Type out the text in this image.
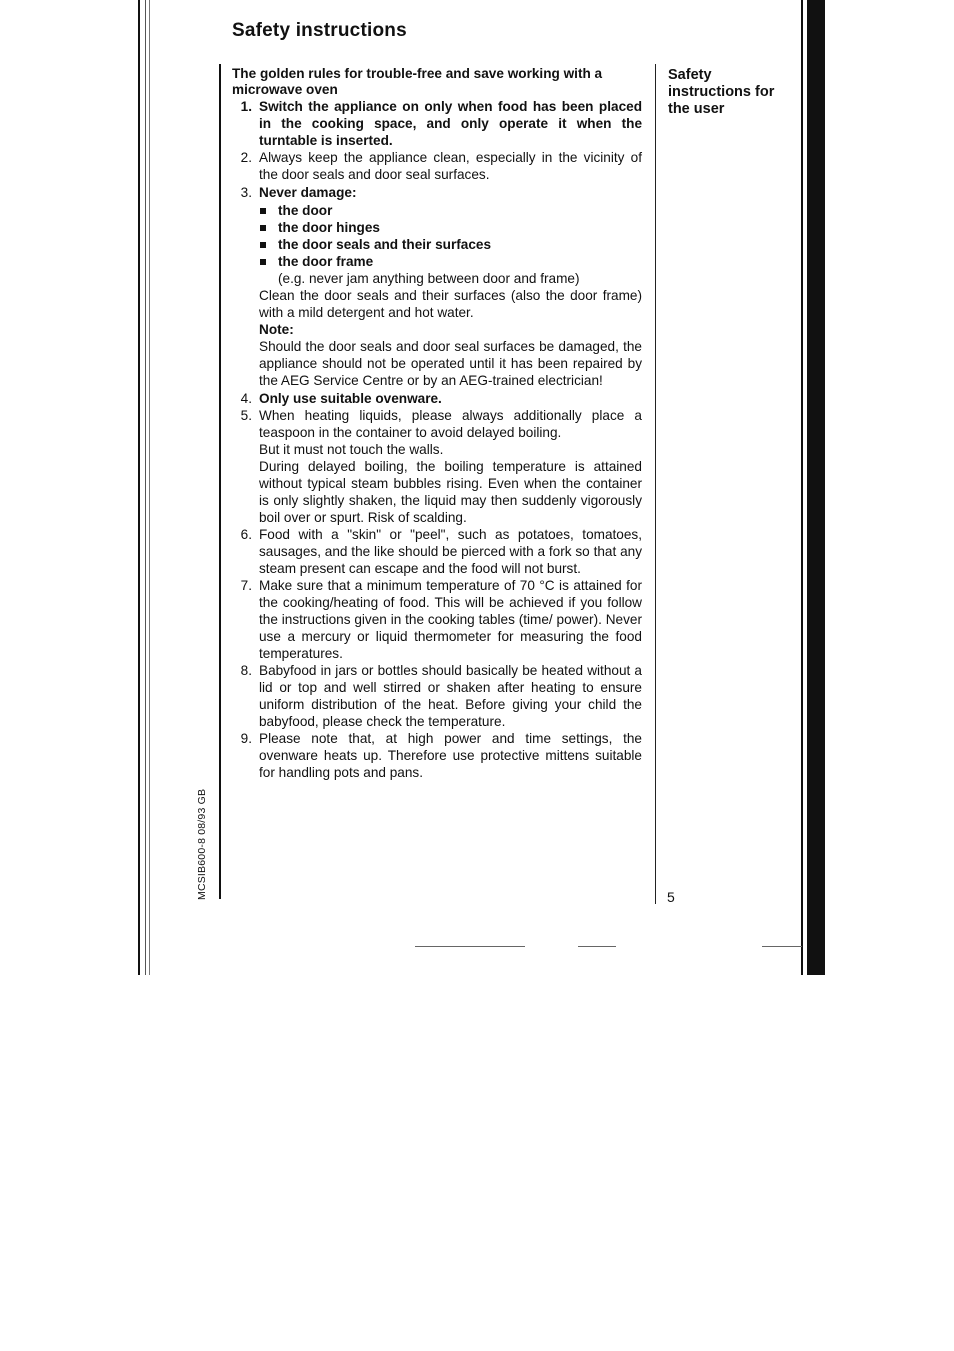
Safety instructions
The golden rules for trouble-free and save working with a microwave oven
1. Switch the appliance on only when food has been placed in the cooking space, and only operate it when the turntable is inserted.
2. Always keep the appliance clean, especially in the vicinity of the door seals and door seal surfaces.
3. Never damage:
the door
the door hinges
the door seals and their surfaces
the door frame
(e.g. never jam anything between door and frame)
Clean the door seals and their surfaces (also the door frame) with a mild detergent and hot water.
Note:
Should the door seals and door seal surfaces be damaged, the appliance should not be operated until it has been repaired by the AEG Service Centre or by an AEG-trained electrician!
4. Only use suitable ovenware.
5. When heating liquids, please always additionally place a teaspoon in the container to avoid delayed boiling.
But it must not touch the walls.
During delayed boiling, the boiling temperature is attained without typical steam bubbles rising. Even when the container is only slightly shaken, the liquid may then suddenly vigorously boil over or spurt. Risk of scalding.
6. Food with a "skin" or "peel", such as potatoes, tomatoes, sausages, and the like should be pierced with a fork so that any steam present can escape and the food will not burst.
7. Make sure that a minimum temperature of 70 °C is attained for the cooking/heating of food. This will be achieved if you follow the instructions given in the cooking tables (time/ power). Never use a mercury or liquid thermometer for measuring the food temperatures.
8. Babyfood in jars or bottles should basically be heated without a lid or top and well stirred or shaken after heating to ensure uniform distribution of the heat. Before giving your child the babyfood, please check the temperature.
9. Please note that, at high power and time settings, the ovenware heats up. Therefore use protective mittens suitable for handling pots and pans.
Safety instructions for the user
5
MCSIB600-8 08/93 GB
